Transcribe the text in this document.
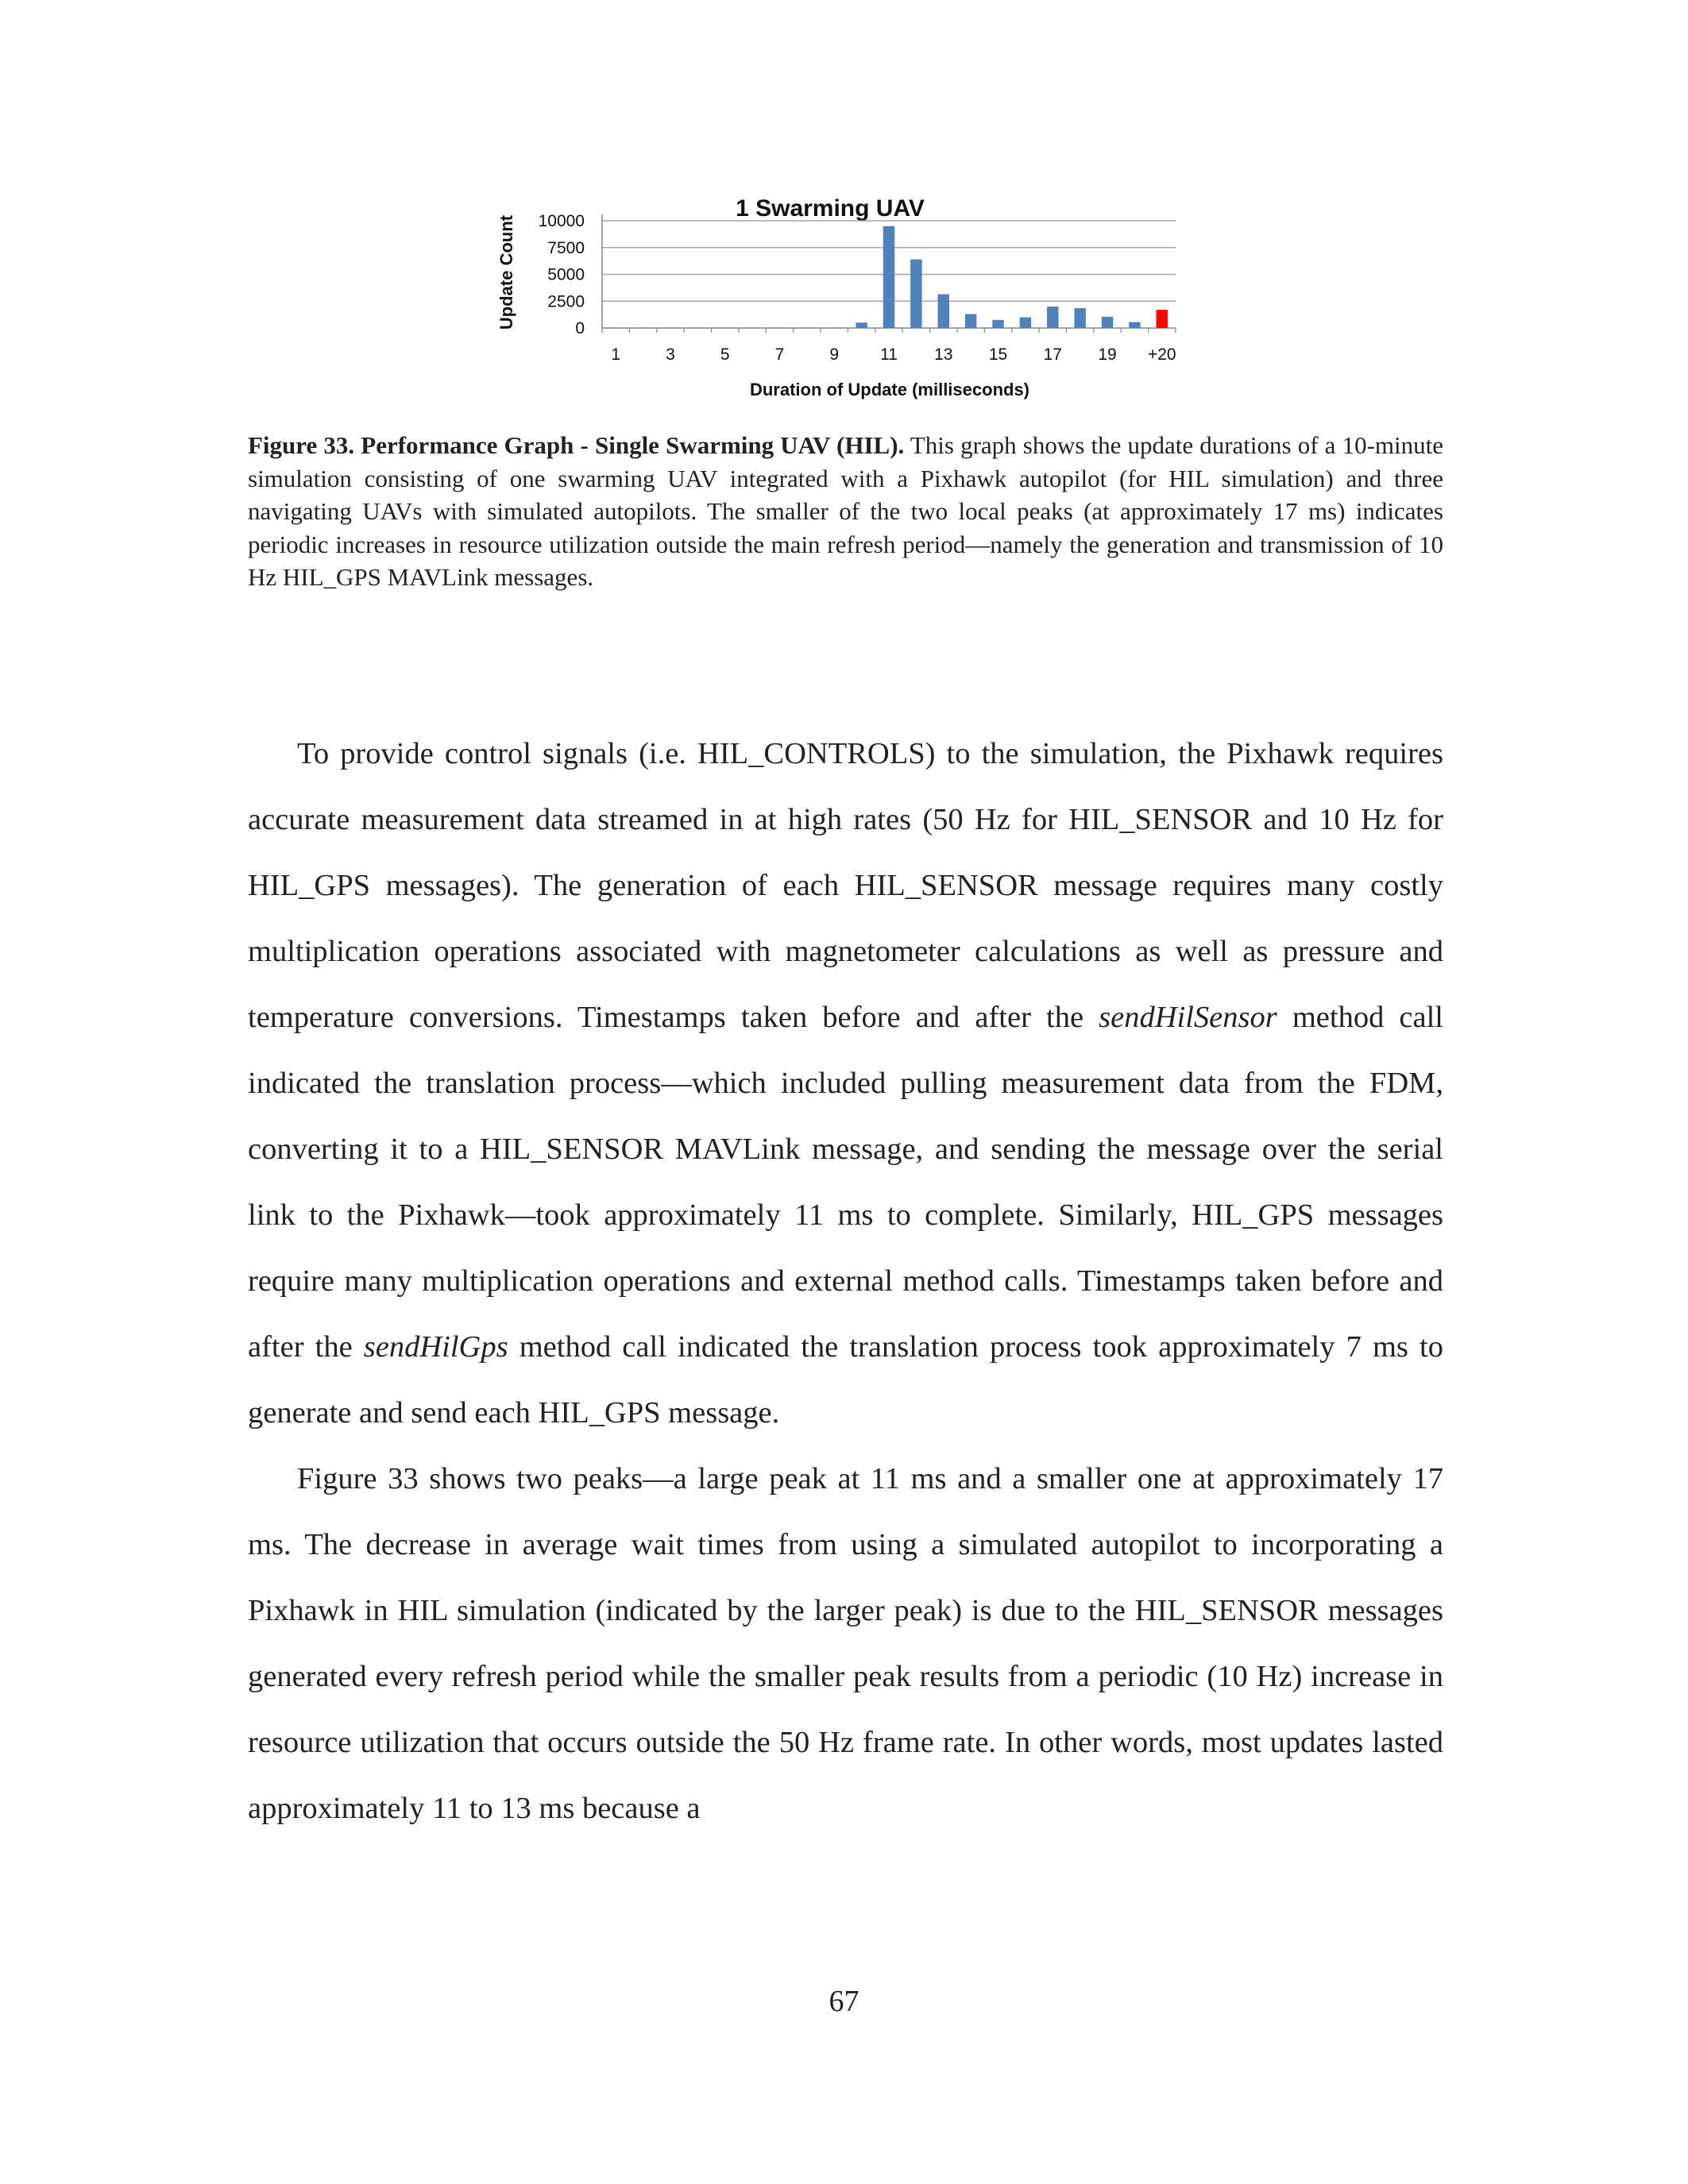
1 Swarming UAV
Update Count
Duration of Update (milliseconds)
10000
7500
5000
2500
0
1	3	5	7	9 11 13 15 17 19 +20
Figure 33. Performance Graph - Single Swarming UAV (HIL). This graph shows the update durations of a 10-minute simulation consisting of one swarming UAV integrated with a Pixhawk autopilot (for HIL simulation) and three navigating UAVs with simulated autopilots. The smaller of the two local peaks (at approximately 17 ms) indicates periodic increases in resource utilization outside the main refresh period—namely the generation and transmission of 10 Hz HIL_GPS MAVLink messages.

To provide control signals (i.e. HIL_CONTROLS) to the simulation, the Pixhawk requires accurate measurement data streamed in at high rates (50 Hz for HIL_SENSOR and 10 Hz for HIL_GPS messages). The generation of each HIL_SENSOR message requires many costly multiplication operations associated with magnetometer calculations as well as pressure and temperature conversions. Timestamps taken before and after the sendHilSensor method call indicated the translation process—which included pulling measurement data from the FDM, converting it to a HIL_SENSOR MAVLink message, and sending the message over the serial link to the Pixhawk—took approximately 11 ms to complete. Similarly, HIL_GPS messages require many multiplication operations and external method calls. Timestamps taken before and after the sendHilGps method call indicated the translation process took approximately 7 ms to generate and send each HIL_GPS message.

Figure 33 shows two peaks—a large peak at 11 ms and a smaller one at approximately 17 ms. The decrease in average wait times from using a simulated autopilot to incorporating a Pixhawk in HIL simulation (indicated by the larger peak) is due to the HIL_SENSOR messages generated every refresh period while the smaller peak results from a periodic (10 Hz) increase in resource utilization that occurs outside the 50 Hz frame rate. In other words, most updates lasted approximately 11 to 13 ms because a

67
